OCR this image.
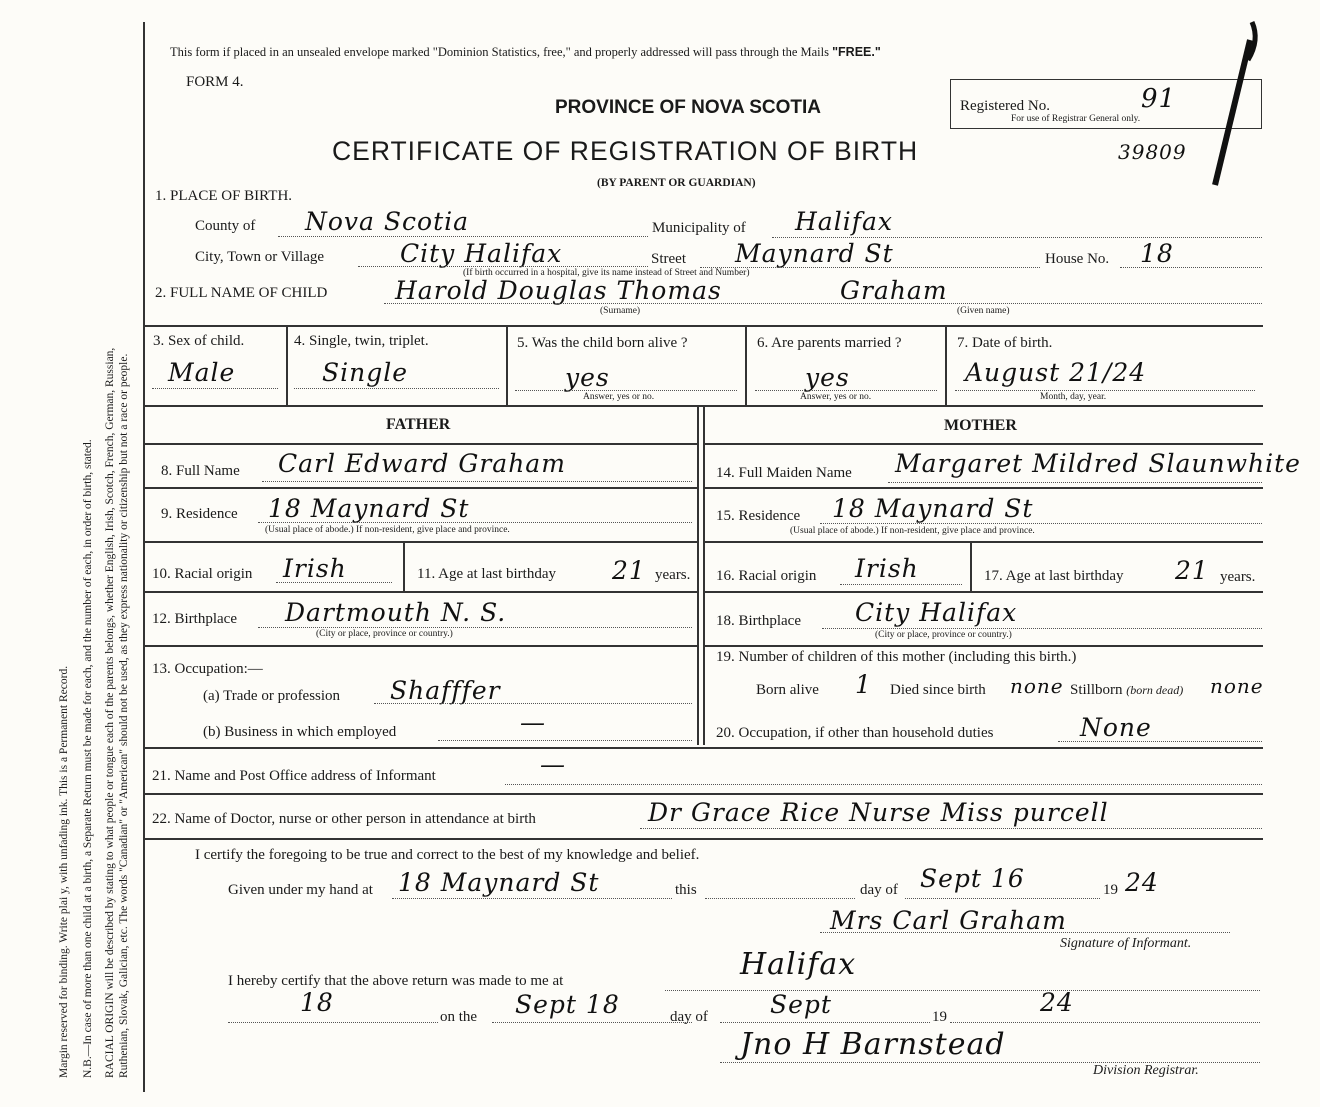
Margin reserved for binding. Write plai y, with unfading ink. This is a Permanent Record. N.B.—In case of more than one child at a birth, a Separate Return must be made for each, and the number of each, in order of birth, stated. RACIAL ORIGIN will be described by stating to what people or tongue each of the parents belongs, whether English, Irish, Scotch, French, German, Russian, Ruthenian, Slovak, Galician, etc. The words "Canadian" or "American" should not be used, as they express nationality or citizenship but not a race or people.
This form if placed in an unsealed envelope marked "Dominion Statistics, free," and properly addressed will pass through the Mails "FREE."
FORM 4.
PROVINCE OF NOVA SCOTIA
CERTIFICATE OF REGISTRATION OF BIRTH
(BY PARENT OR GUARDIAN)
Registered No.	91
For use of Registrar General only.
39809
1. PLACE OF BIRTH.
County of Nova Scotia	Municipality of Halifax
City, Town or Village	City Halifax	Street Maynard St	House No. 18
(If birth occurred in a hospital, give its name instead of Street and Number)
2. FULL NAME OF CHILD	Harold Douglas Thomas	Graham
(Surname)	(Given name)
3. Sex of child.
Male
4. Single, twin, triplet.
Single
5. Was the child born alive ?
yes
Answer, yes or no.
6. Are parents married ?
yes
Answer, yes or no.
7. Date of birth.
August 21/24
Month, day, year.
FATHER	MOTHER
8. Full Name Carl Edward Graham
9. Residence 18 Maynard St
(Usual place of abode.) If non-resident, give place and province.
10. Racial origin Irish	11. Age at last birthday 21 years.
12. Birthplace Dartmouth N. S.
(City or place, province or country.)
13. Occupation:—
(a) Trade or profession Shafffer
(b) Business in which employed	—
14. Full Maiden Name Margaret Mildred Slaunwhite
15. Residence 18 Maynard St
(Usual place of abode.) If non-resident, give place and province.
16. Racial origin Irish	17. Age at last birthday 21 years.
18. Birthplace City Halifax
(City or place, province or country.)
19. Number of children of this mother (including this birth.)
Born alive 1 Died since birth none Stillborn (born dead) none
20. Occupation, if other than household duties	None
21. Name and Post Office address of Informant	—
22. Name of Doctor, nurse or other person in attendance at birth	Dr Grace Rice Nurse Miss purcell
I certify the foregoing to be true and correct to the best of my knowledge and belief.
Given under my hand at 18 Maynard St	this	day of Sept 16	19 24
Mrs Carl Graham
Signature of Informant.
I hereby certify that the above return was made to me at	Halifax
18	on the Sept 18	day of Sept	19	24
Jno H Barnstead
Division Registrar.
